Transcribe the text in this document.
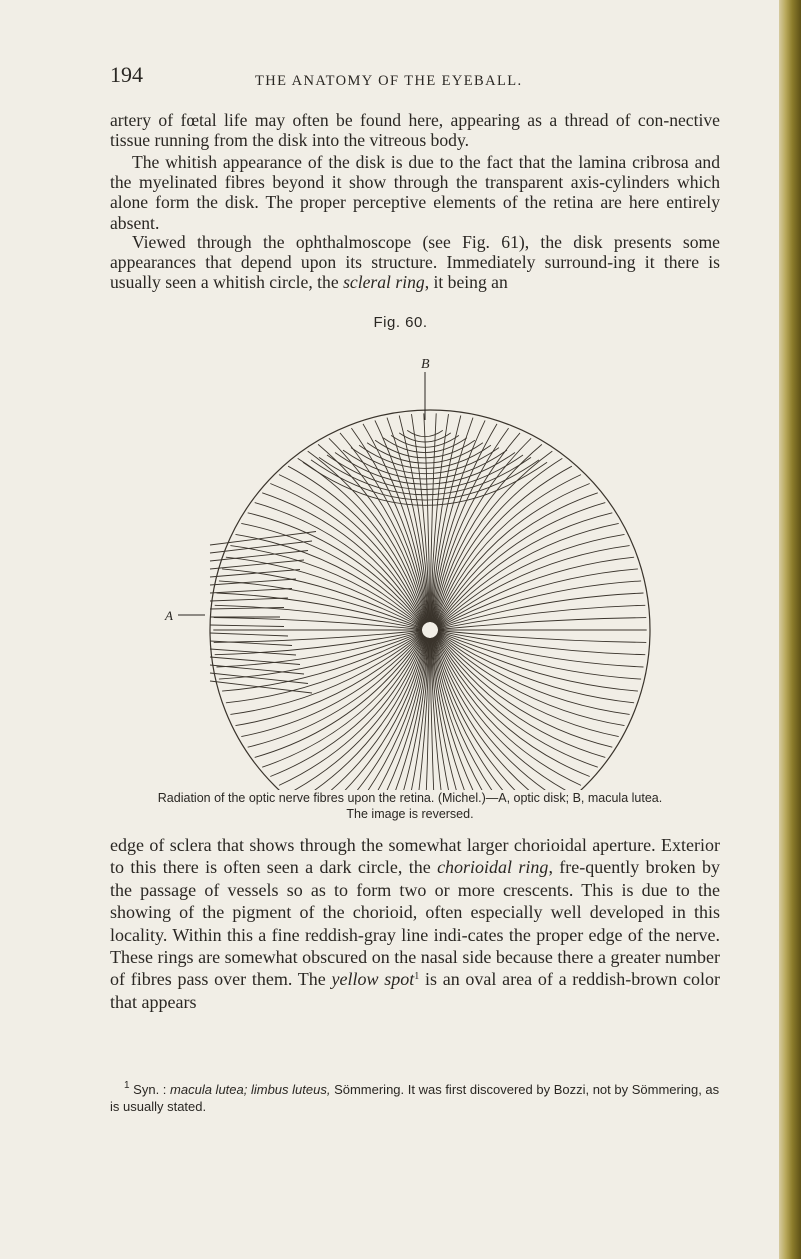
194	THE ANATOMY OF THE EYEBALL.

artery of fœtal life may often be found here, appearing as a thread of con-nective tissue running from the disk into the vitreous body.

The whitish appearance of the disk is due to the fact that the lamina cribrosa and the myelinated fibres beyond it show through the transparent axis-cylinders which alone form the disk. The proper perceptive elements of the retina are here entirely absent.

Viewed through the ophthalmoscope (see Fig. 61), the disk presents some appearances that depend upon its structure. Immediately surround-ing it there is usually seen a whitish circle, the scleral ring, it being an

Fig. 60.
B
A
Radiation of the optic nerve fibres upon the retina. (Michel.)—A, optic disk; B, macula lutea.
The image is reversed.

edge of sclera that shows through the somewhat larger chorioidal aperture. Exterior to this there is often seen a dark circle, the chorioidal ring, fre-quently broken by the passage of vessels so as to form two or more crescents. This is due to the showing of the pigment of the chorioid, often especially well developed in this locality. Within this a fine reddish-gray line indi-cates the proper edge of the nerve. These rings are somewhat obscured on the nasal side because there a greater number of fibres pass over them. The yellow spot$^1$ is an oval area of a reddish-brown color that appears

$^1$ Syn. : macula lutea; limbus luteus, Sömmering. It was first discovered by Bozzi, not by Sömmering, as is usually stated.
